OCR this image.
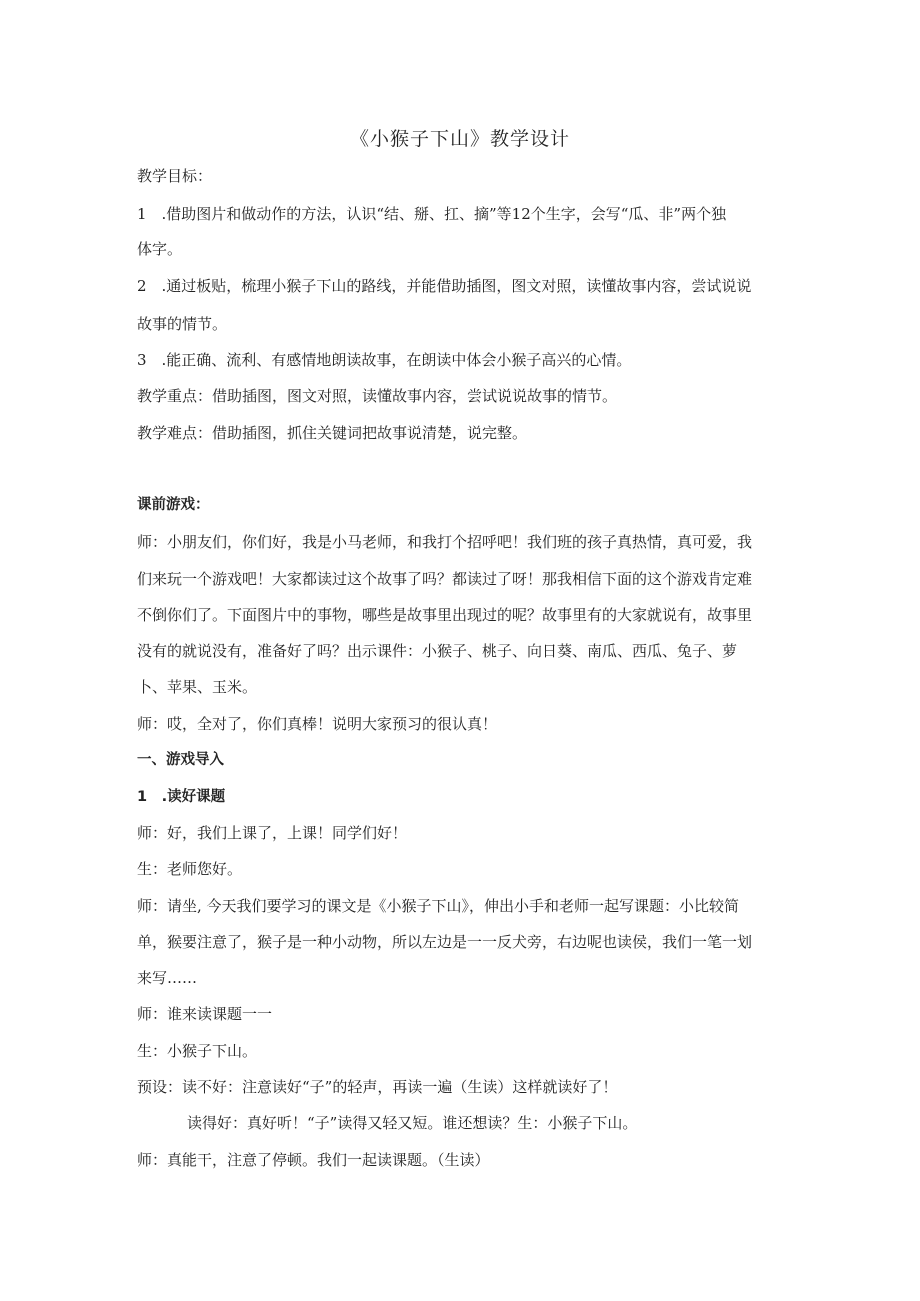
《小猴子下山》教学设计
教学目标：
1　.借助图片和做动作的方法，认识“结、掰、扛、摘”等12个生字，会写“瓜、非”两个独
体字。
2　.通过板贴，梳理小猴子下山的路线，并能借助插图，图文对照，读懂故事内容，尝试说说
故事的情节。
3　.能正确、流利、有感情地朗读故事，在朗读中体会小猴子高兴的心情。
教学重点：借助插图，图文对照，读懂故事内容，尝试说说故事的情节。
教学难点：借助插图，抓住关键词把故事说清楚，说完整。
课前游戏：
师：小朋友们，你们好，我是小马老师，和我打个招呼吧！我们班的孩子真热情，真可爱，我
们来玩一个游戏吧！大家都读过这个故事了吗？都读过了呀！那我相信下面的这个游戏肯定难
不倒你们了。下面图片中的事物，哪些是故事里出现过的呢？故事里有的大家就说有，故事里
没有的就说没有，准备好了吗？出示课件：小猴子、桃子、向日葵、南瓜、西瓜、兔子、萝
卜、苹果、玉米。
师：哎，全对了，你们真棒！说明大家预习的很认真！
一、游戏导入
1　.读好课题
师：好，我们上课了，上课！同学们好！
生：老师您好。
师：请坐, 今天我们要学习的课文是《小猴子下山》，伸出小手和老师一起写课题：小比较简
单，猴要注意了，猴子是一种小动物，所以左边是一一反犬旁，右边呢也读侯，我们一笔一划
来写……
师：谁来读课题一一
生：小猴子下山。
预设：读不好：注意读好“子”的轻声，再读一遍（生读）这样就读好了！
读得好：真好听！“子”读得又轻又短。谁还想读？生：小猴子下山。
师：真能干，注意了停顿。我们一起读课题。（生读）
